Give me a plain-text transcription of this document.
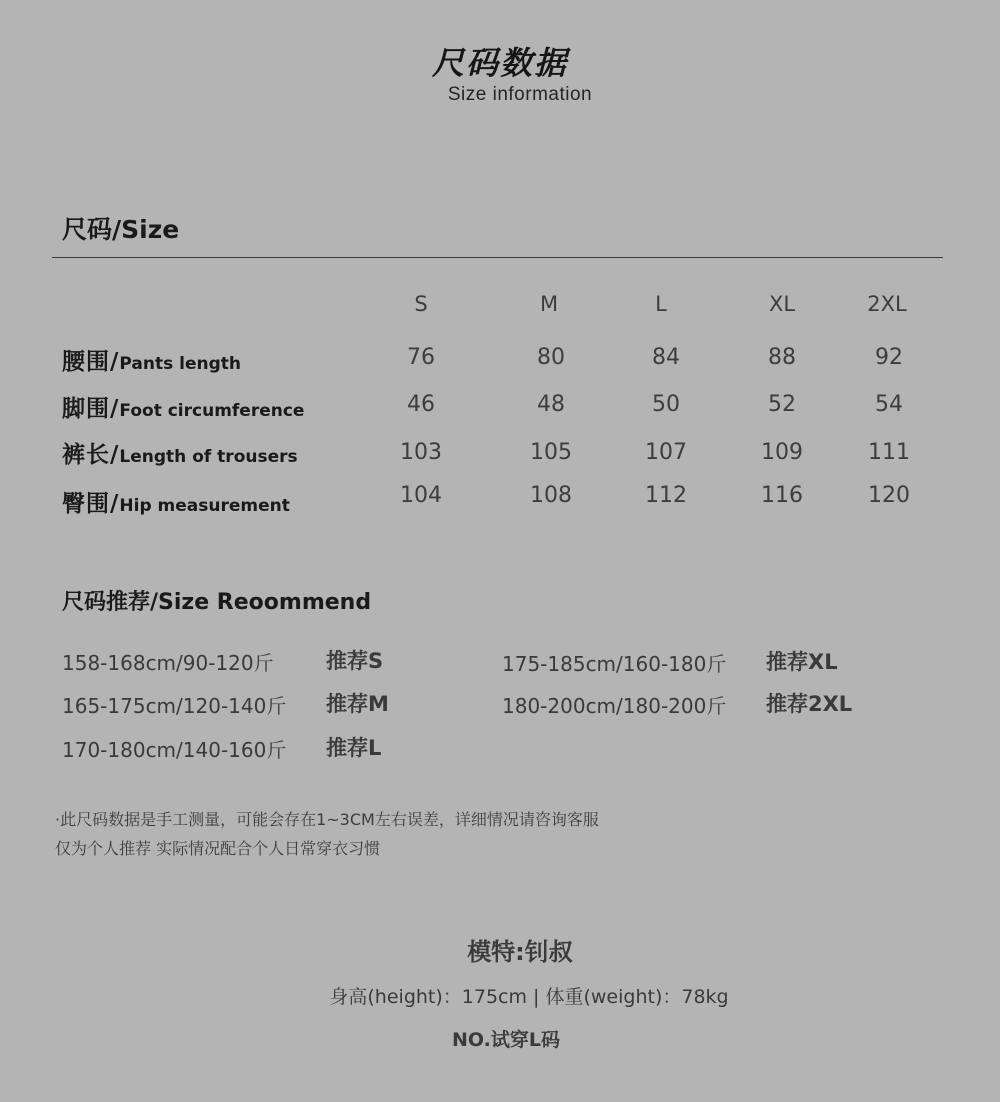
尺码数据
Size information
尺码/Size
S	M	L	XL	2XL
腰围/Pants length	76	80	84	88	92
脚围/Foot circumference	46	48	50	52	54
裤长/Length of trousers	103	105	107	109	111
臀围/Hip measurement	104	108	112	116	120
尺码推荐/Size Reoommend
158-168cm/90-120斤 推荐S
165-175cm/120-140斤 推荐M
170-180cm/140-160斤 推荐L
175-185cm/160-180斤 推荐XL
180-200cm/180-200斤 推荐2XL
·此尺码数据是手工测量，可能会存在1~3CM左右误差，详细情况请咨询客服
仅为个人推荐 实际情况配合个人日常穿衣习惯
模特:钊叔
身高(height)：175cm | 体重(weight)：78kg
NO.试穿L码
